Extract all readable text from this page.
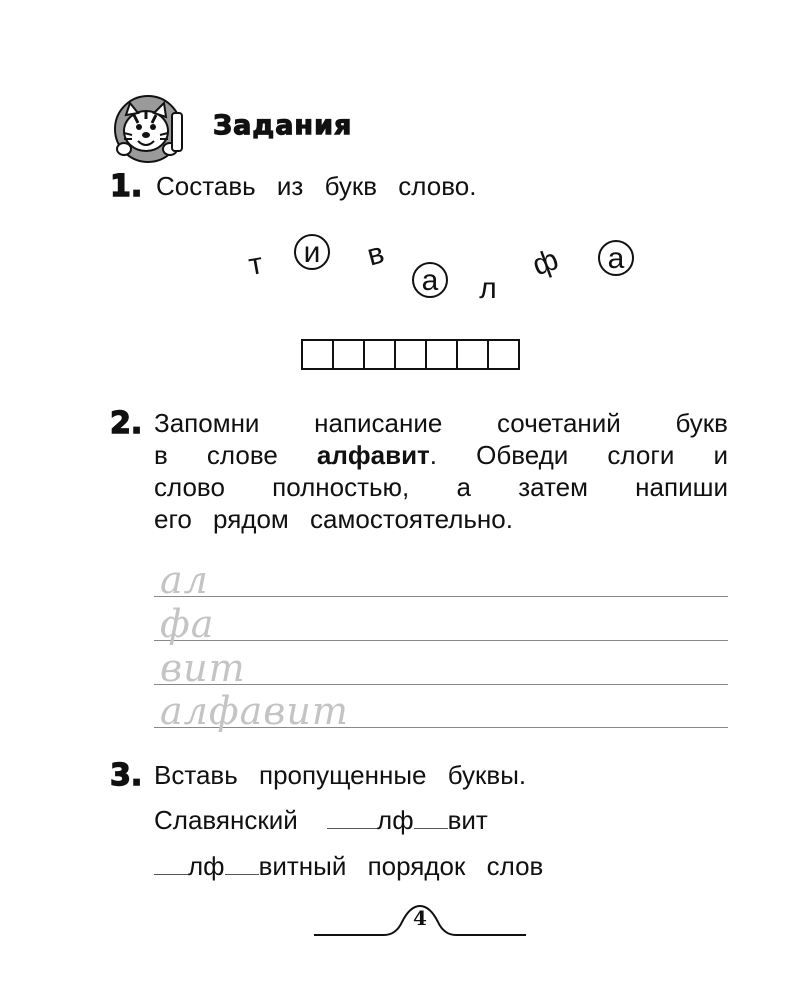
Задания
1. Составь из букв слово.
т	и	в
а	л
ф	а
2. Запомни написание сочетаний букв
в слове алфавит. Обведи слоги и
слово полностью, а затем напиши
его рядом самостоятельно.
ал
фа
вит
алфавит
3. Вставь пропущенные буквы.
Славянский	лф вит
лф витный порядок слов
4
